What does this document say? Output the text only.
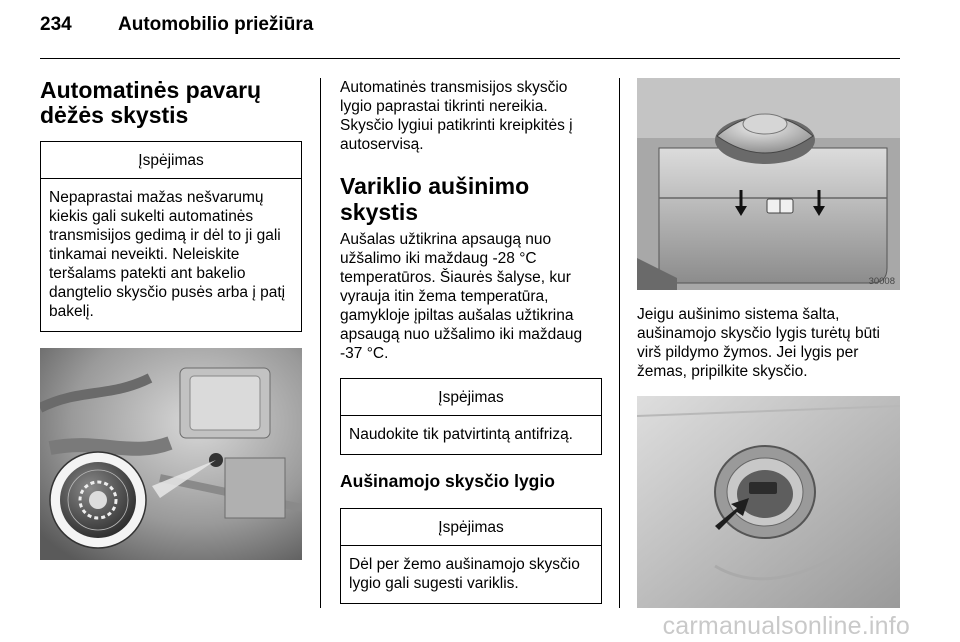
234 Automobilio priežiūra
Automatinės pavarų dėžės skystis
Įspėjimas
Nepaprastai mažas nešvarumų kiekis gali sukelti automatinės transmisijos gedimą ir dėl to ji gali tinkamai neveikti. Neleiskite teršalams patekti ant bakelio dangtelio skysčio pusės arba į patį bakelį.

Automatinės transmisijos skysčio lygio paprastai tikrinti nereikia. Skysčio lygiui patikrinti kreipkitės į autoservisą.

Variklio aušinimo skystis

Aušalas užtikrina apsaugą nuo užšalimo iki maždaug -28 °C temperatūros. Šiaurės šalyse, kur vyrauja itin žema temperatūra, gamykloje įpiltas aušalas užtikrina apsaugą nuo užšalimo iki maždaug -37 °C.

Įspėjimas
Naudokite tik patvirtintą antifrizą.
Aušinamojo skysčio lygio
Įspėjimas
Dėl per žemo aušinamojo skysčio lygio gali sugesti variklis.
30008

Jeigu aušinimo sistema šalta, aušinamojo skysčio lygis turėtų būti virš pildymo žymos. Jei lygis per žemas, pripilkite skysčio.

carmanualsonline.info
